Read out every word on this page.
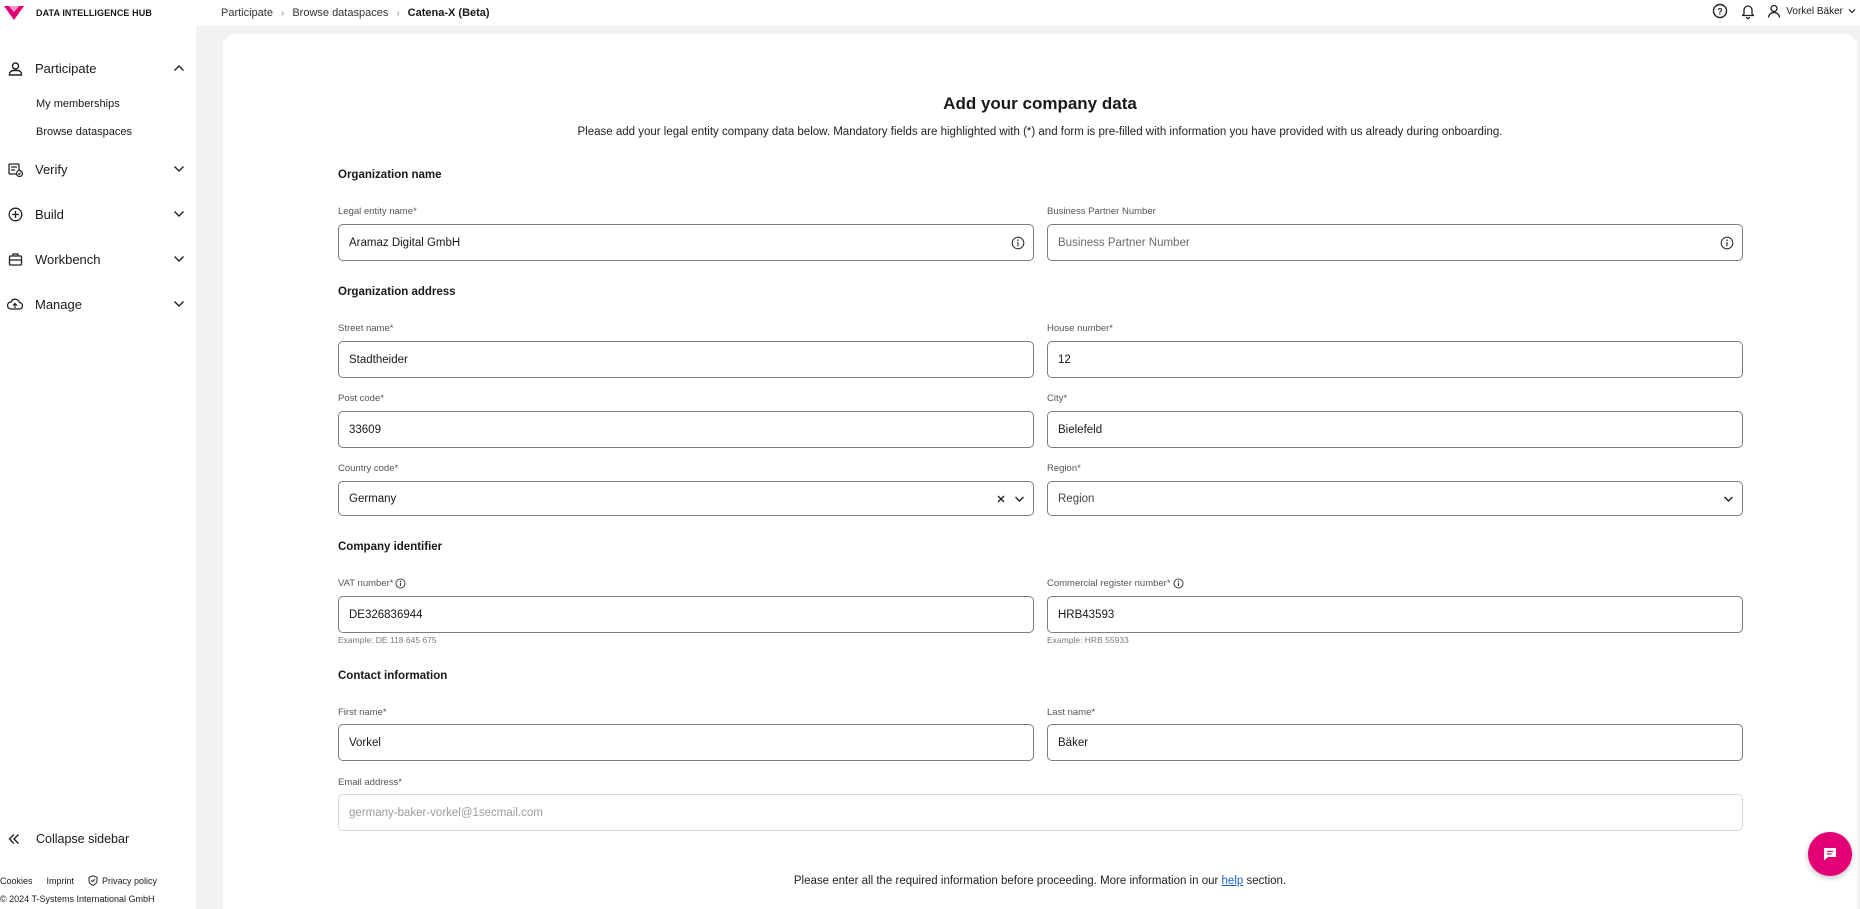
DATA INTELLIGENCE HUB	Participate › Browse dataspaces › Catena-X (Beta)	?	Vorkel Bäker
Participate
My memberships
Browse dataspaces
Verify
Build
Workbench
Manage
Collapse sidebar
Cookies Imprint	Privacy policy
© 2024 T-Systems International GmbH
Add your company data

Please add your legal entity company data below. Mandatory fields are highlighted with (*) and form is pre-filled with information you have provided with us already during onboarding.

Organization name
Legal entity name*
Aramaz Digital GmbH
Business Partner Number
Business Partner Number
Organization address
Street name*
Stadtheider
House number*
12
Post code*
33609
City*
Bielefeld
Country code*
Germany
Region*
Region
Company identifier
VAT number*
DE326836944
Example: DE 118 645 675
Commercial register number*
HRB43593
Example: HRB 55933
Contact information
First name*
Vorkel
Last name*
Bäker
Email address*
germany-baker-vorkel@1secmail.com

Please enter all the required information before proceeding. More information in our help section.
